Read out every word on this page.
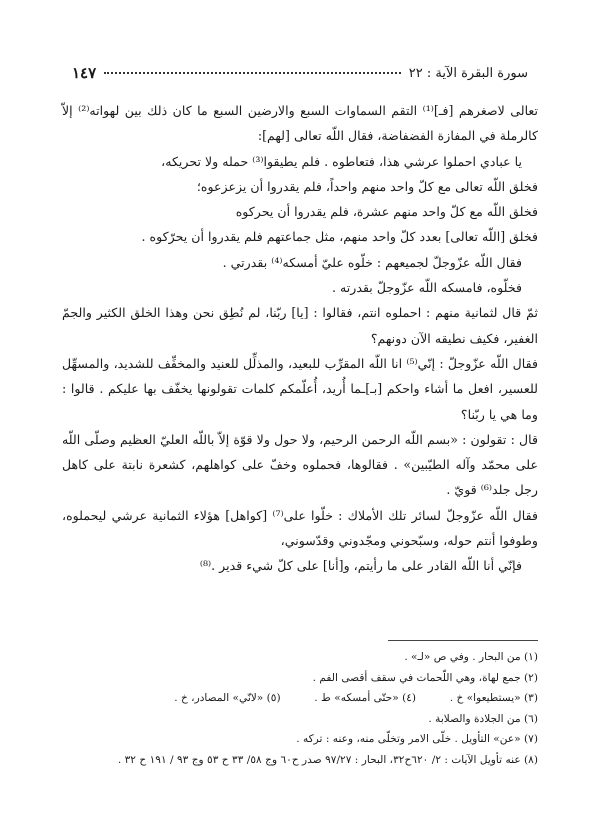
سورة البقرة الآية : ٢٢
١٤٧

تعالى لاصغرهم [فـ]⁽¹⁾ التقم السماوات السبع والارضين السبع ما كان ذلك بين لهواته⁽²⁾ إلاّ كالرملة في المفازة الفضفاضة، فقال اللّه تعالى [لهم]:

يا عبادي احملوا عرشي هذا، فتعاطوه . فلم يطيقوا⁽³⁾ حمله ولا تحريكه،

فخلق اللّه تعالى مع كلّ واحد منهم واحداً، فلم يقدروا أن يزعزعوه؛

فخلق اللّه مع كلّ واحد منهم عشرة، فلم يقدروا أن يحركوه

فخلق [اللّه تعالى] بعدد كلّ واحد منهم، مثل جماعتهم فلم يقدروا أن يحرّكوه .

فقال اللّه عزّوجلّ لجميعهم : خلّوه عليّ أمسكه⁽⁴⁾ بقدرتي .

فخلّوه، فامسكه اللّه عزّوجلّ بقدرته .

ثمّ قال لثمانية منهم : احملوه انتم، فقالوا : [يا] ربّنا، لم نُطِق نحن وهذا الخلق الكثير والجمّ الغفير، فكيف نطيقه الآن دونهم؟

فقال اللّه عزّوجلّ : إنّي⁽⁵⁾ انا اللّه المقرِّب للبعيد، والمذلِّل للعنيد والمخفِّف للشديد، والمسهِّل للعسير، افعل ما أشاء واحكم [بـ]ـما أُريد، أُعلّمكم كلمات تقولونها يخفّف بها عليكم . قالوا : وما هي يا ربّنا؟

قال : تقولون : «بسم اللّه الرحمن الرحيم، ولا حول ولا قوّة إلاّ باللّه العليّ العظيم وصلّى اللّه على محمّد وآله الطيّبين» . فقالوها، فحملوه وخفّ على كواهلهم، كشعرة نابتة على كاهل رجل جلد⁽⁶⁾ قويّ .

فقال اللّه عزّوجلّ لسائر تلك الأملاك : خلّوا على⁽⁷⁾ [كواهل] هؤلاء الثمانية عرشي ليحملوه، وطوفوا أنتم حوله، وسبّحوني ومجّدوني وقدّسوني،

فإنّي أنا اللّه القادر على ما رأيتم، و[أنا] على كلّ شيء قدير .⁽⁸⁾

(١) من البحار . وفي ص «لـ» .

(٢) جمع لهاة، وهي اللّحمات في سقف أقصى الفم .

(٣) «يستطيعوا» خ .          (٤) «حتّى أمسكه» ط .          (٥) «لانّي» المصادر، خ .

(٦) من الجلادة والصلابة .

(٧) «عن» التأويل . خلّى الامر وتخلّى منه، وعنه : تركه .

(٨) عنه تأويل الآيات : ٢/ ٦٢٠ح٣٢، البحار : ٩٧/٢٧ صدر ح٦٠ وج ٥٨/ ٣٣ ح ٥٣ وج ٩٣ / ١٩١ ح ٣٢ .
